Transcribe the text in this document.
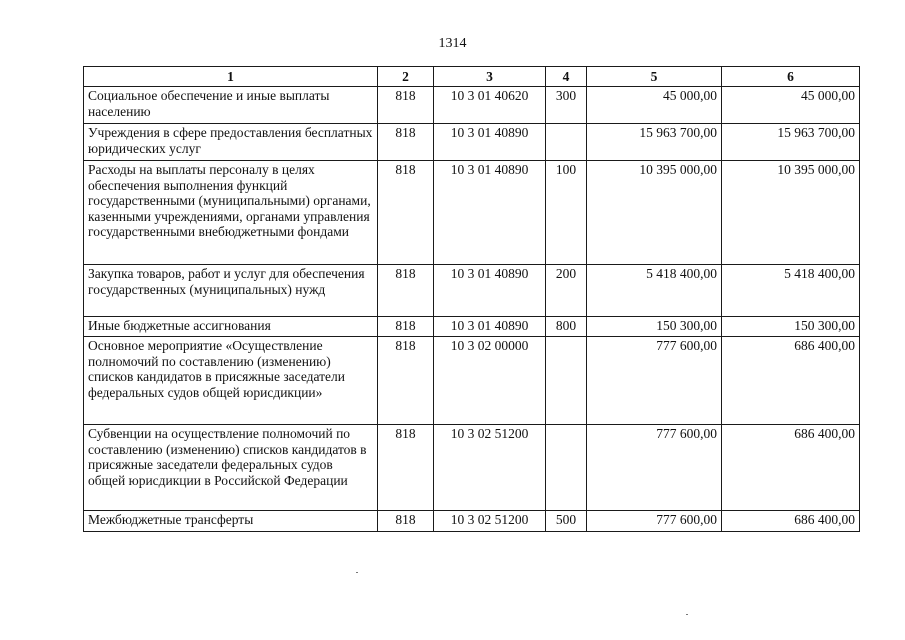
1314
1	2	3	4	5	6
Социальное обеспечение и иные выплаты населению	818	10 3 01 40620	300	45 000,00	45 000,00
Учреждения в сфере предоставления бесплатных юридических услуг	818	10 3 01 40890		15 963 700,00	15 963 700,00
Расходы на выплаты персоналу в целях обеспечения выполнения функций государственными (муниципальными) органами, казенными учреждениями, органами управления государственными внебюджетными фондами	818	10 3 01 40890	100	10 395 000,00	10 395 000,00
Закупка товаров, работ и услуг для обеспечения государственных (муниципальных) нужд	818	10 3 01 40890	200	5 418 400,00	5 418 400,00
Иные бюджетные ассигнования	818	10 3 01 40890	800	150 300,00	150 300,00
Основное мероприятие «Осуществление полномочий по составлению (изменению) списков кандидатов в присяжные заседатели федеральных судов общей юрисдикции»	818	10 3 02 00000		777 600,00	686 400,00
Субвенции на осуществление полномочий по составлению (изменению) списков кандидатов в присяжные заседатели федеральных судов общей юрисдикции в Российской Федерации	818	10 3 02 51200		777 600,00	686 400,00
Межбюджетные трансферты	818	10 3 02 51200	500	777 600,00	686 400,00
